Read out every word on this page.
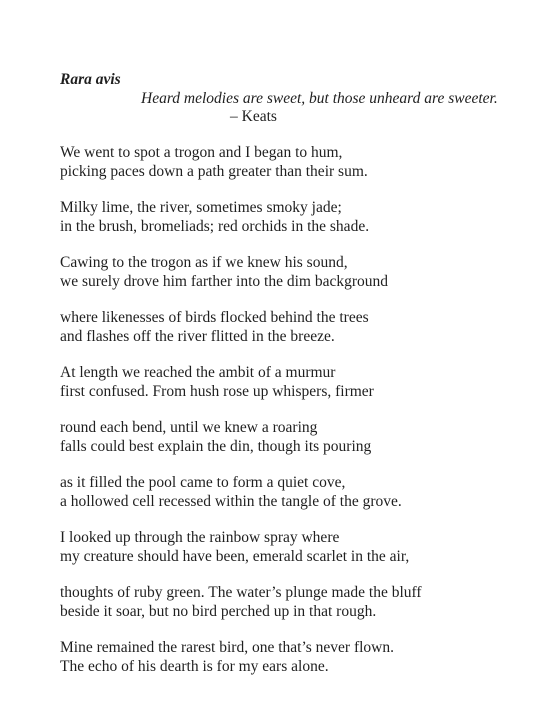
Rara avis
Heard melodies are sweet, but those unheard are sweeter.
– Keats
We went to spot a trogon and I began to hum,
picking paces down a path greater than their sum.
Milky lime, the river, sometimes smoky jade;
in the brush, bromeliads; red orchids in the shade.
Cawing to the trogon as if we knew his sound,
we surely drove him farther into the dim background
where likenesses of birds flocked behind the trees
and flashes off the river flitted in the breeze.
At length we reached the ambit of a murmur
first confused. From hush rose up whispers, firmer
round each bend, until we knew a roaring
falls could best explain the din, though its pouring
as it filled the pool came to form a quiet cove,
a hollowed cell recessed within the tangle of the grove.
I looked up through the rainbow spray where
my creature should have been, emerald scarlet in the air,
thoughts of ruby green. The water’s plunge made the bluff
beside it soar, but no bird perched up in that rough.
Mine remained the rarest bird, one that’s never flown.
The echo of his dearth is for my ears alone.
